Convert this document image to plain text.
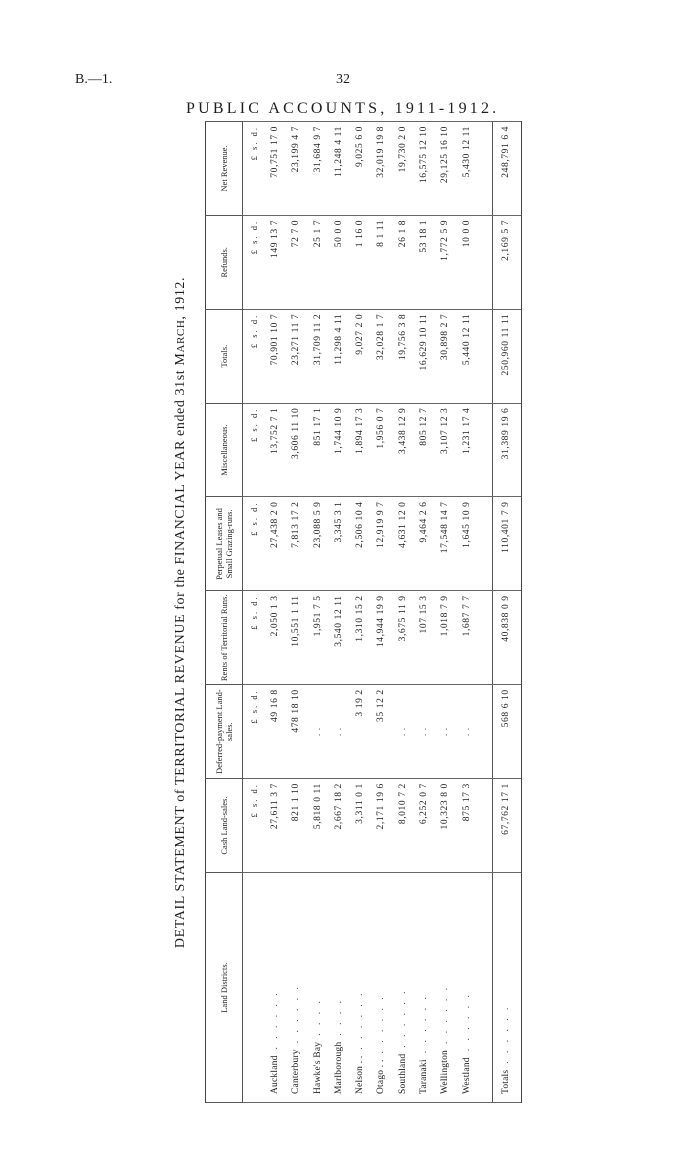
B.—1.	32
PUBLIC ACCOUNTS, 1911-1912.
DETAIL STATEMENT of TERRITORIAL REVENUE for the FINANCIAL YEAR ended 31st MARCH, 1912.
Land Districts.	Cash Land-sales.	Deferred-payment Land-sales.	Rents of Territorial Runs.	Perpetual Leases and Small Grazing-runs.	Miscellaneous.	Totals.	Refunds.	Net Revenue.
	£ s. d.	£ s. d.	£ s. d.	£ s. d.	£ s. d.	£ s. d.	£ s. d.	£ s. d.
Auckland. . . . . .	27,611 3 7	49 16 8	2,050 1 3	27,438 2 0	13,752 7 1	70,901 10 7	149 13 7	70,751 17 0
Canterbury. . . . . .	821 1 10	478 18 10	10,551 1 11	7,813 17 2	3,606 11 10	23,271 11 7	72 7 0	23,199 4 7
Hawke's Bay. . . .	5,818 0 11	. .	1,951 7 5	23,088 5 9	851 17 1	31,709 11 2	25 1 7	31,684 9 7
Marlborough. . . .	2,667 18 2	. .	3,540 12 11	3,345 3 1	1,744 10 9	11,298 4 11	50 0 0	11,248 4 11
Nelson . .. . . . . .	3,311 0 1	3 19 2	1,310 15 2	2,506 10 4	1,894 17 3	9,027 2 0	1 16 0	9,025 6 0
Otago . .. . . . . .	2,171 19 6	35 12 2	14,944 19 9	12,919 9 7	1,956 0 7	32,028 1 7	8 1 11	32,019 19 8
Southland. . . . . .	8,010 7 2	. .	3,675 11 9	4,631 12 0	3,438 12 9	19,756 3 8	26 1 8	19,730 2 0
Taranaki. . . . . .	6,252 0 7	. .	107 15 3	9,464 2 6	805 12 7	16,629 10 11	53 18 1	16,575 12 10
Wellington. . . . . .	10,323 8 0	. .	1,018 7 9	17,548 14 7	3,107 12 3	30,898 2 7	1,772 5 9	29,125 16 10
Westland. . . . . .	875 17 3	. .	1,687 7 7	1,645 10 9	1,231 17 4	5,440 12 11	10 0 0	5,430 12 11

Totals. . . . . .	67,762 17 1	568 6 10	40,838 0 9	110,401 7 9	31,389 19 6	250,960 11 11	2,169 5 7	248,791 6 4
